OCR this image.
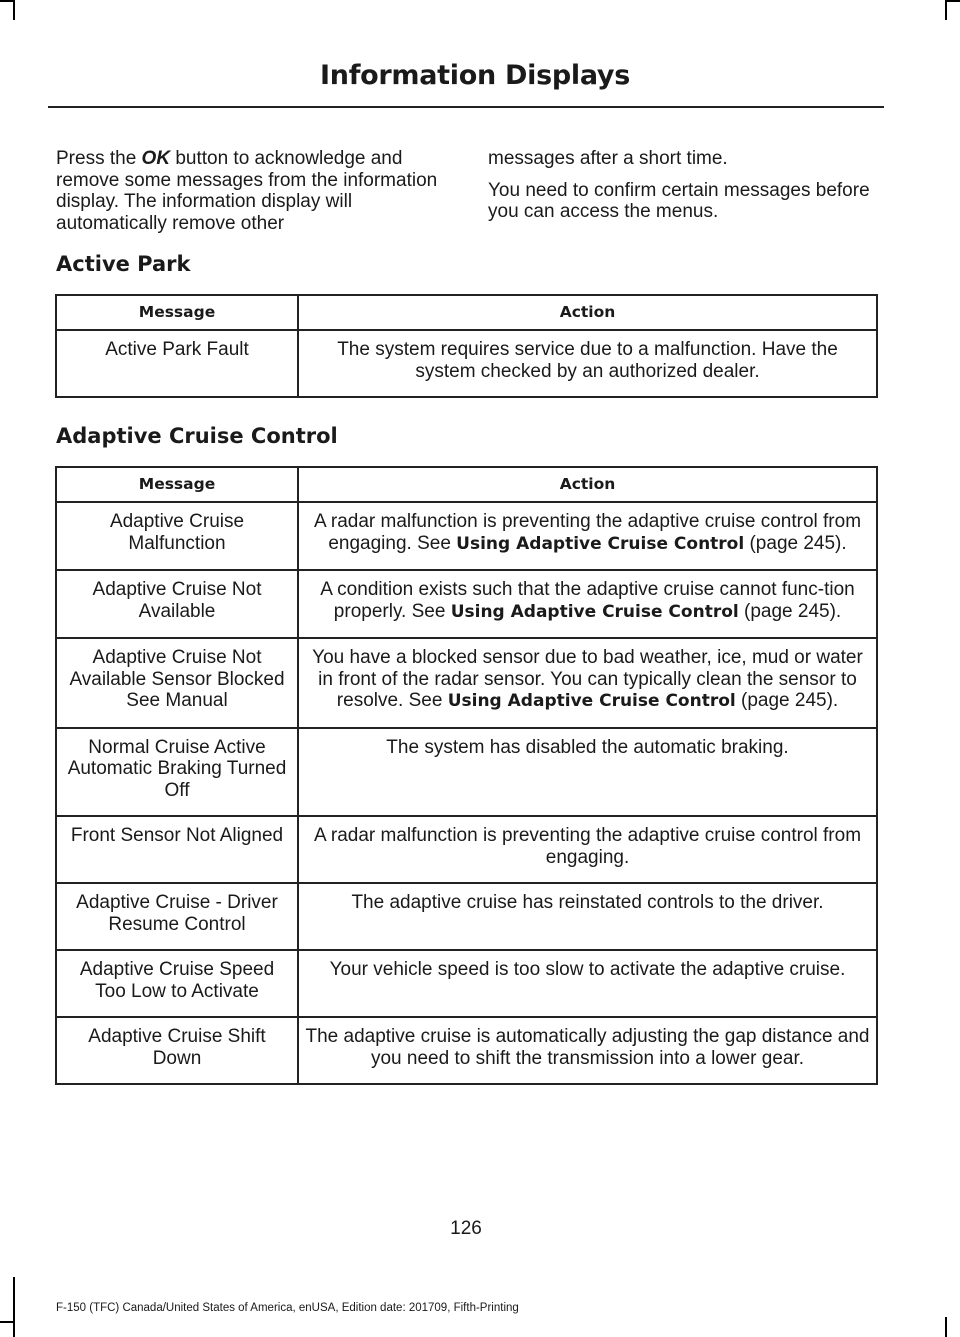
Information Displays

Press the OK button to acknowledge and remove some messages from the information display. The information display will automatically remove other

messages after a short time.

You need to confirm certain messages before you can access the menus.

Active Park
Message	Action
Active Park Fault	The system requires service due to a malfunction. Have the system checked by an authorized dealer.
Adaptive Cruise Control
Message	Action
Adaptive Cruise Malfunction	A radar malfunction is preventing the adaptive cruise control from engaging. See Using Adaptive Cruise Control (page 245).
Adaptive Cruise Not Available	A condition exists such that the adaptive cruise cannot func-tion properly. See Using Adaptive Cruise Control (page 245).
Adaptive Cruise Not Available Sensor Blocked See Manual	You have a blocked sensor due to bad weather, ice, mud or water in front of the radar sensor. You can typically clean the sensor to resolve. See Using Adaptive Cruise Control (page 245).
Normal Cruise Active Automatic Braking Turned Off	The system has disabled the automatic braking.
Front Sensor Not Aligned	A radar malfunction is preventing the adaptive cruise control from engaging.
Adaptive Cruise - Driver Resume Control	The adaptive cruise has reinstated controls to the driver.
Adaptive Cruise Speed Too Low to Activate	Your vehicle speed is too slow to activate the adaptive cruise.
Adaptive Cruise Shift Down	The adaptive cruise is automatically adjusting the gap distance and you need to shift the transmission into a lower gear.
126
F-150 (TFC) Canada/United States of America, enUSA, Edition date: 201709, Fifth-Printing
